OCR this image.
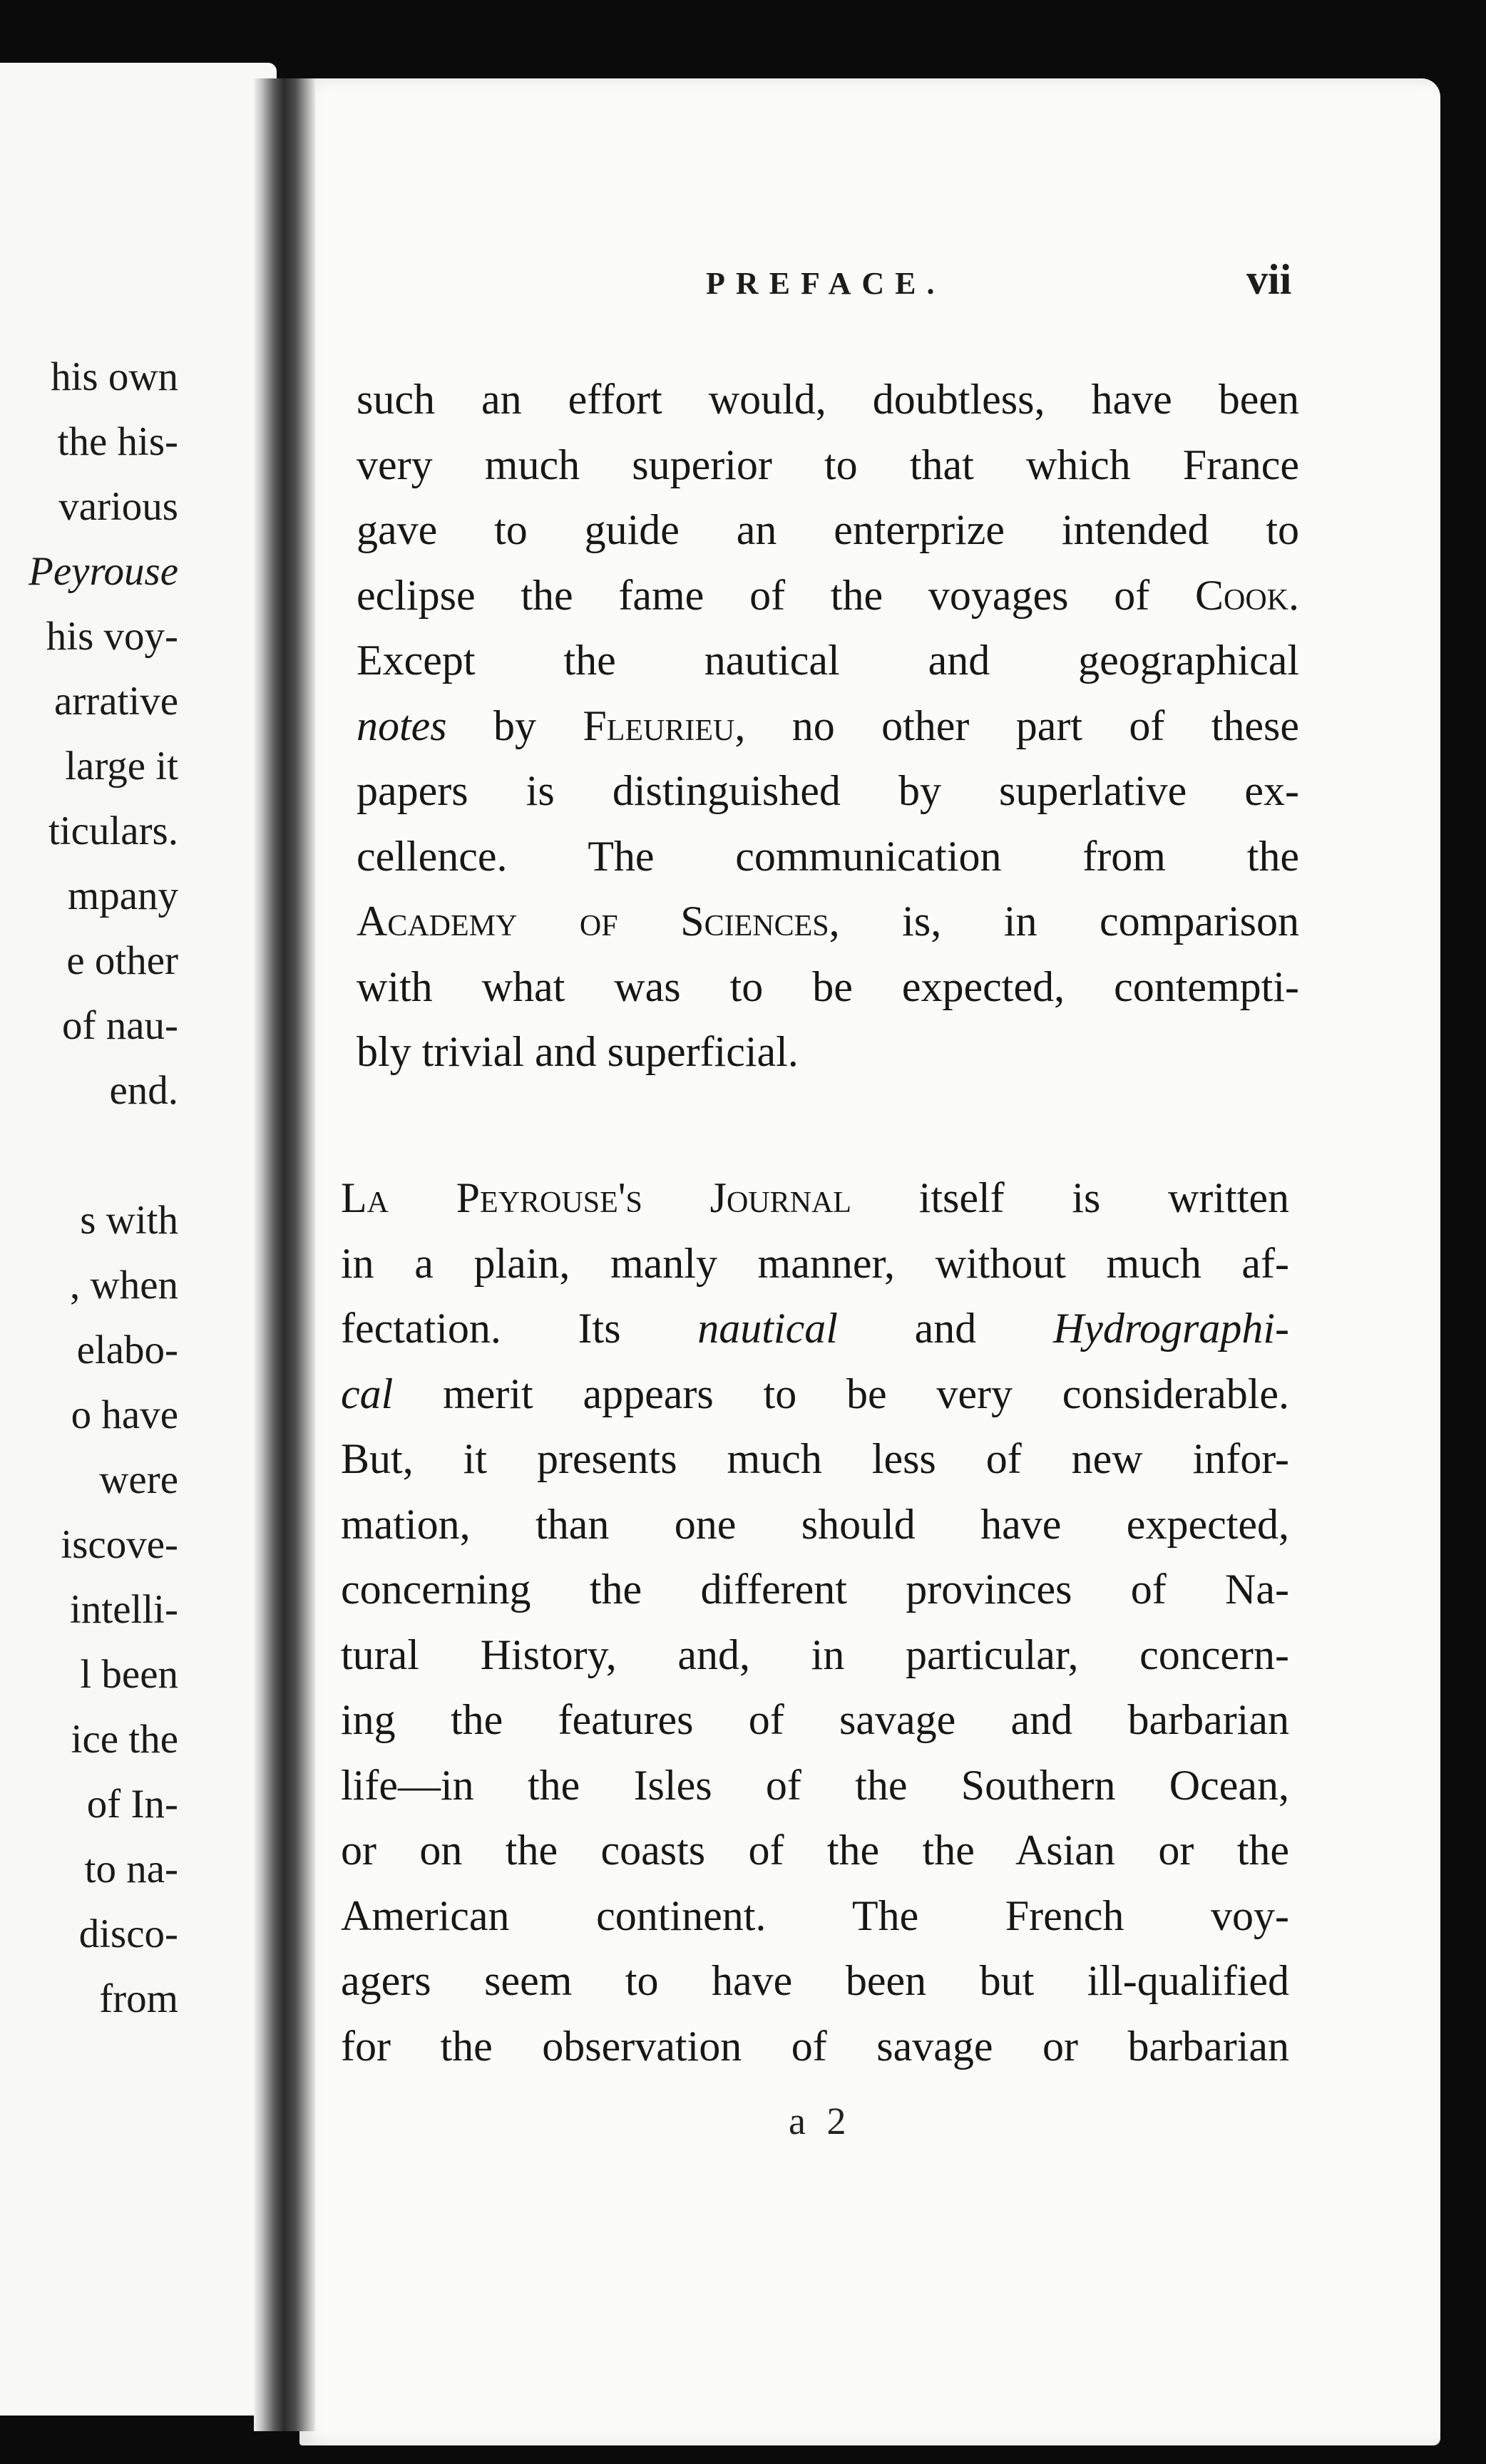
his own
the his-
various
Peyrouse
his voy-
arrative
large it
ticulars.
mpany
e other
of nau-
end.
s with
, when
elabo-
o have
were
iscove-
intelli-
l been
ice the
of In-
to na-
disco-
from
PREFACE.	vii
such an effort would, doubtless, have been
very much superior to that which France
gave to guide an enterprize intended to
eclipse the fame of the voyages of Cook.
Except the nautical and geographical
notes by Fleurieu, no other part of these
papers is distinguished by superlative ex-
cellence. The communication from the
Academy of Sciences, is, in comparison
with what was to be expected, contempti-
bly trivial and superficial.
La Peyrouse's Journal itself is written
in a plain, manly manner, without much af-
fectation. Its nautical and Hydrographi-
cal merit appears to be very considerable.
But, it presents much less of new infor-
mation, than one should have expected,
concerning the different provinces of Na-
tural History, and, in particular, concern-
ing the features of savage and barbarian
life—in the Isles of the Southern Ocean,
or on the coasts of the the Asian or the
American continent. The French voy-
agers seem to have been but ill-qualified
for the observation of savage or barbarian
a 2
